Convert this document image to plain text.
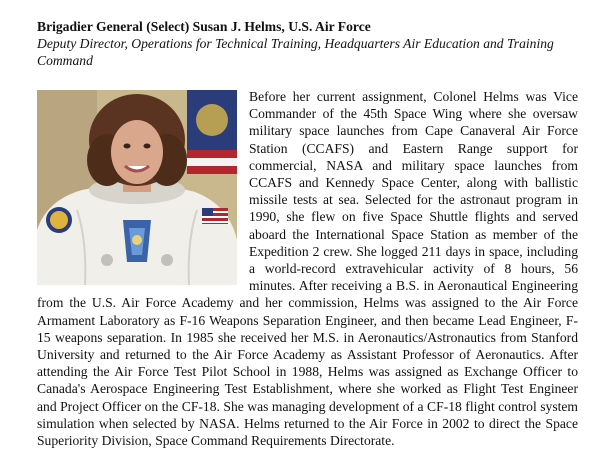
Brigadier General (Select) Susan J. Helms, U.S. Air Force

Deputy Director, Operations for Technical Training, Headquarters Air Education and Training Command

Before her current assignment, Colonel Helms was Vice Commander of the 45th Space Wing where she oversaw military space launches from Cape Canaveral Air Force Station (CCAFS) and Eastern Range support for commercial, NASA and military space launches from CCAFS and Kennedy Space Center, along with ballistic missile tests at sea. Selected for the astronaut program in 1990, she flew on five Space Shuttle flights and served aboard the International Space Station as member of the Expedition 2 crew. She logged 211 days in space, including a world-record extravehicular activity of 8 hours, 56 minutes. After receiving a B.S. in Aeronautical Engineering from the U.S. Air Force Academy and her commission, Helms was assigned to the Air Force Armament Laboratory as F-16 Weapons Separation Engineer, and then became Lead Engineer, F-15 weapons separation. In 1985 she received her M.S. in Aeronautics/Astronautics from Stanford University and returned to the Air Force Academy as Assistant Professor of Aeronautics. After attending the Air Force Test Pilot School in 1988, Helms was assigned as Exchange Officer to Canada's Aerospace Engineering Test Establishment, where she worked as Flight Test Engineer and Project Officer on the CF-18. She was managing development of a CF-18 flight control system simulation when selected by NASA. Helms returned to the Air Force in 2002 to direct the Space Superiority Division, Space Command Requirements Directorate.
